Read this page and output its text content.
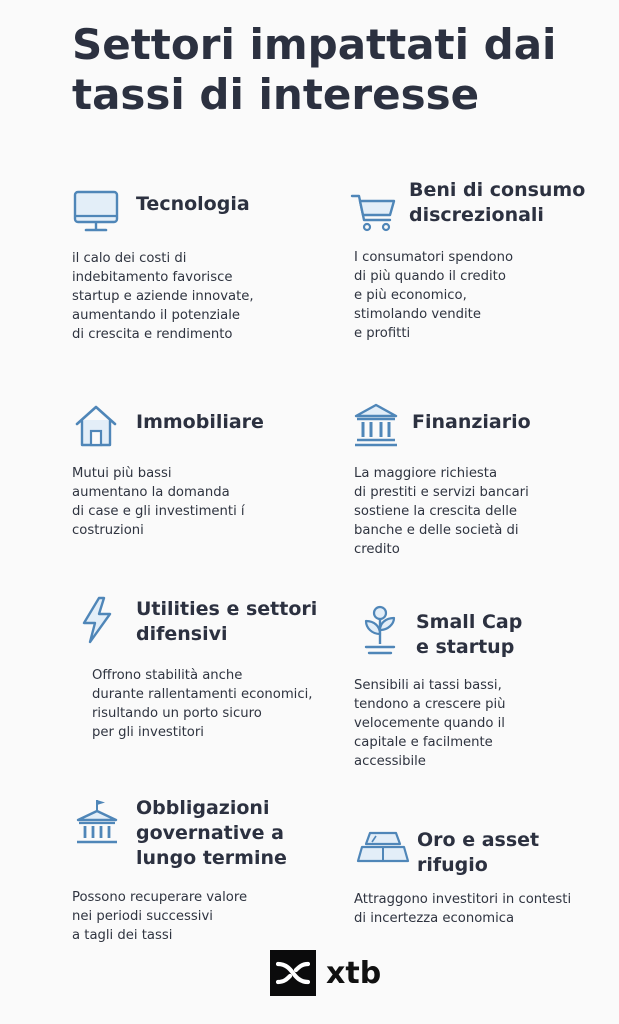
Settori impattati dai
tassi di interesse
Tecnologia
il calo dei costi di
indebitamento favorisce
startup e aziende innovate,
aumentando il potenziale
di crescita e rendimento
Beni di consumo
discrezionali
I consumatori spendono
di più quando il credito
e più economico,
stimolando vendite
e profitti
Immobiliare
Mutui più bassi
aumentano la domanda
di case e gli investimenti í
costruzioni
Finanziario
La maggiore richiesta
di prestiti e servizi bancari
sostiene la crescita delle
banche e delle società di
credito
Utilities e settori
difensivi
Offrono stabilità anche
durante rallentamenti economici,
risultando un porto sicuro
per gli investitori
Small Cap
e startup
Sensibili ai tassi bassi,
tendono a crescere più
velocemente quando il
capitale e facilmente
accessibile
Obbligazioni
governative a
lungo termine
Possono recuperare valore
nei periodi successivi
a tagli dei tassi
Oro e asset
rifugio
Attraggono investitori in contesti
di incertezza economica
xtb
